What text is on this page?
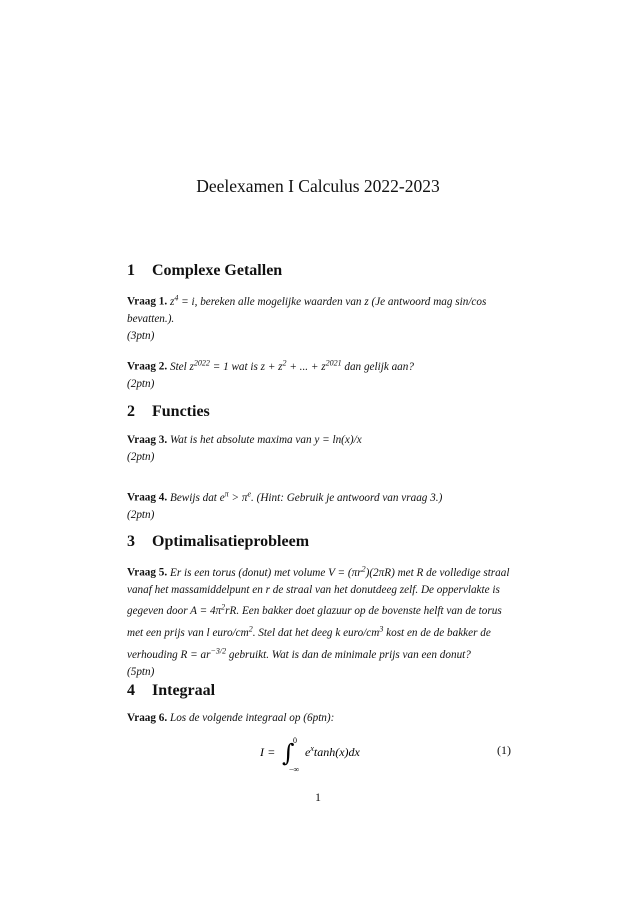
Deelexamen I Calculus 2022-2023
1 Complexe Getallen
Vraag 1. $z^4 = i$, bereken alle mogelijke waarden van z (Je antwoord mag sin/cos bevatten.).
(3ptn)
Vraag 2. Stel $z^{2022} = 1$ wat is $z + z^2$ + ... + $z^{2021}$ dan gelijk aan?
(2ptn)
2 Functies
Vraag 3. Wat is het absolute maxima van y = ln(x)/x
(2ptn)
Vraag 4. Bewijs dat $e^\pi > \pi^e$. (Hint: Gebruik je antwoord van vraag 3.)
(2ptn)
3 Optimalisatieprobleem
Vraag 5. Er is een torus (donut) met volume $V = (\pi r^2)(2\pi R)$ met R de volledige straal vanaf het massamiddelpunt en r de straal van het donutdeeg zelf. De oppervlakte is gegeven door $A = 4\pi^2rR$. Een bakker doet glazuur op de bovenste helft van de torus met een prijs van l euro/$cm^2$. Stel dat het deeg k euro/$cm^3$ kost en de de bakker de verhouding $R = ar^{-3/2}$ gebruikt. Wat is dan de minimale prijs van een donut?
(5ptn)
4 Integraal
Vraag 6. Los de volgende integraal op (6ptn):
I = ∫
0
−∞
$e^x\tanh(x)dx$	(1)
1
